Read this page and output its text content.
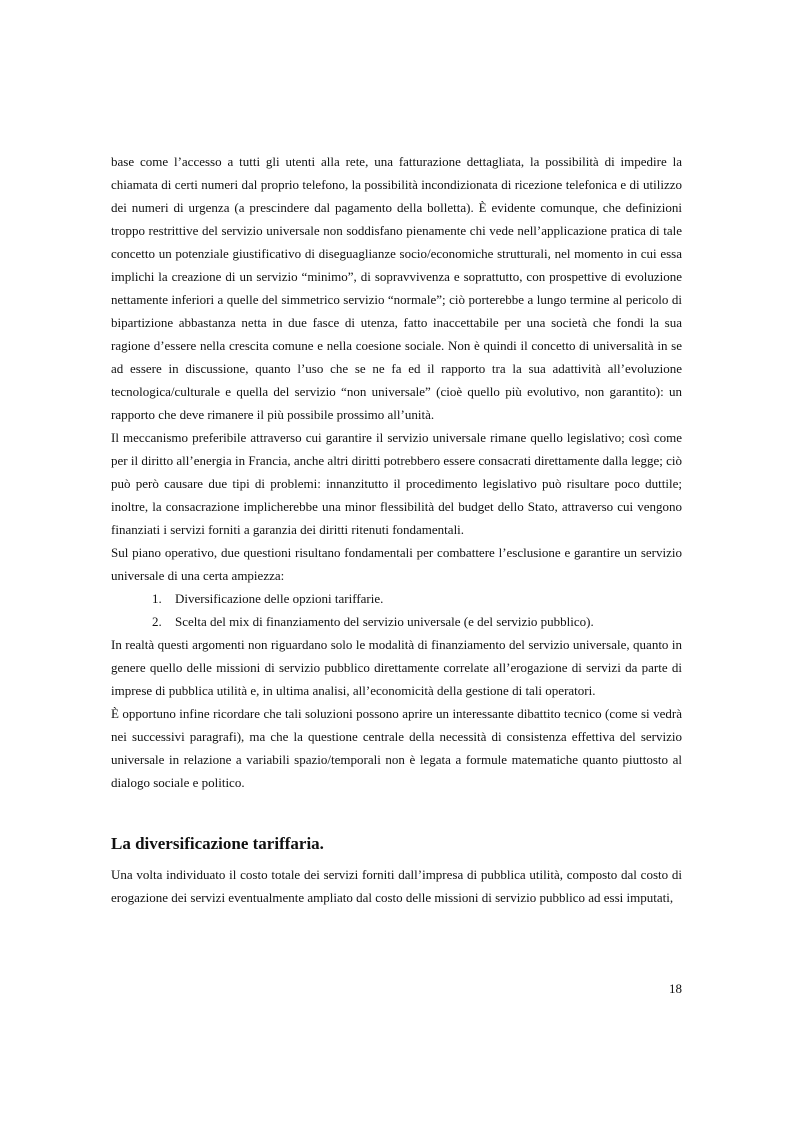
base come l’accesso a tutti gli utenti alla rete, una fatturazione dettagliata, la possibilità di impedire la chiamata di certi numeri dal proprio telefono, la possibilità incondizionata di ricezione telefonica e di utilizzo dei numeri di urgenza (a prescindere dal pagamento della bolletta). È evidente comunque, che definizioni troppo restrittive del servizio universale non soddisfano pienamente chi vede nell’applicazione pratica di tale concetto un potenziale giustificativo di diseguaglianze socio/economiche strutturali, nel momento in cui essa implichi la creazione di un servizio “minimo”, di sopravvivenza e soprattutto, con prospettive di evoluzione nettamente inferiori a quelle del simmetrico servizio “normale”; ciò porterebbe a lungo termine al pericolo di bipartizione abbastanza netta in due fasce di utenza, fatto inaccettabile per una società che fondi la sua ragione d’essere nella crescita comune e nella coesione sociale. Non è quindi il concetto di universalità in se ad essere in discussione, quanto l’uso che se ne fa ed il rapporto tra la sua adattività all’evoluzione tecnologica/culturale e quella del servizio “non universale” (cioè quello più evolutivo, non garantito): un rapporto che deve rimanere il più possibile prossimo all’unità.

Il meccanismo preferibile attraverso cui garantire il servizio universale rimane quello legislativo; così come per il diritto all’energia in Francia, anche altri diritti potrebbero essere consacrati direttamente dalla legge; ciò può però causare due tipi di problemi: innanzitutto il procedimento legislativo può risultare poco duttile; inoltre, la consacrazione implicherebbe una minor flessibilità del budget dello Stato, attraverso cui vengono finanziati i servizi forniti a garanzia dei diritti ritenuti fondamentali.

Sul piano operativo, due questioni risultano fondamentali per combattere l’esclusione e garantire un servizio universale di una certa ampiezza:

1.	Diversificazione delle opzioni tariffarie.
2.	Scelta del mix di finanziamento del servizio universale (e del servizio pubblico).

In realtà questi argomenti non riguardano solo le modalità di finanziamento del servizio universale, quanto in genere quello delle missioni di servizio pubblico direttamente correlate all’erogazione di servizi da parte di imprese di pubblica utilità e, in ultima analisi, all’economicità della gestione di tali operatori.

È opportuno infine ricordare che tali soluzioni possono aprire un interessante dibattito tecnico (come si vedrà nei successivi paragrafi), ma che la questione centrale della necessità di consistenza effettiva del servizio universale in relazione a variabili spazio/temporali non è legata a formule matematiche quanto piuttosto al dialogo sociale e politico.

La diversificazione tariffaria.

Una volta individuato il costo totale dei servizi forniti dall’impresa di pubblica utilità, composto dal costo di erogazione dei servizi eventualmente ampliato dal costo delle missioni di servizio pubblico ad essi imputati,

18
